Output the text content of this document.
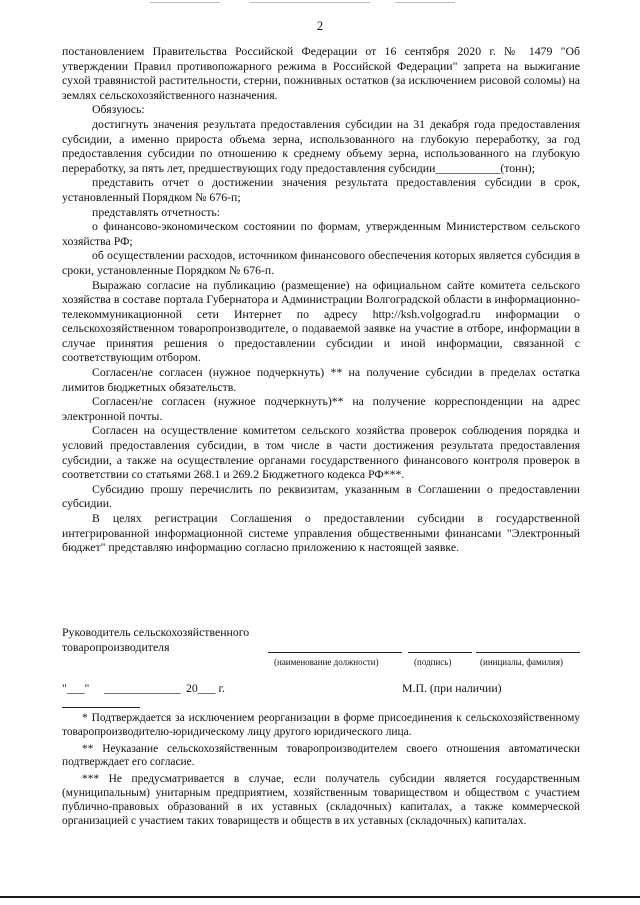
2

постановлением Правительства Российской Федерации от 16 сентября 2020 г. № 1479 "Об утверждении Правил противопожарного режима в Российской Федерации" запрета на выжигание сухой травянистой растительности, стерни, пожнивных остатков (за исключением рисовой соломы) на землях сельскохозяйственного назначения.

Обязуюсь:

достигнуть значения результата предоставления субсидии на 31 декабря года предоставления субсидии, а именно прироста объема зерна, использованного на глубокую переработку, за год предоставления субсидии по отношению к среднему объему зерна, использованного на глубокую переработку, за пять лет, предшествующих году предоставления субсидии___________(тонн);

представить отчет о достижении значения результата предоставления субсидии в срок, установленный Порядком № 676-п;

представлять отчетность:

о финансово-экономическом состоянии по формам, утвержденным Министерством сельского хозяйства РФ;

об осуществлении расходов, источником финансового обеспечения которых является субсидия в сроки, установленные Порядком № 676-п.

Выражаю согласие на публикацию (размещение) на официальном сайте комитета сельского хозяйства в составе портала Губернатора и Администрации Волгоградской области в информационно-телекоммуникационной сети Интернет по адресу http://ksh.volgograd.ru информации о сельскохозяйственном товаропроизводителе, о подаваемой заявке на участие в отборе, информации в случае принятия решения о предоставлении субсидии и иной информации, связанной с соответствующим отбором.

Согласен/не согласен (нужное подчеркнуть) ** на получение субсидии в пределах остатка лимитов бюджетных обязательств.

Согласен/не согласен (нужное подчеркнуть)** на получение корреспонденции на адрес электронной почты.

Согласен на осуществление комитетом сельского хозяйства проверок соблюдения порядка и условий предоставления субсидии, в том числе в части достижения результата предоставления субсидии, а также на осуществление органами государственного финансового контроля проверок в соответствии со статьями 268.1 и 269.2 Бюджетного кодекса РФ***.

Субсидию прошу перечислить по реквизитам, указанным в Соглашении о предоставлении субсидии.

В целях регистрации Соглашения о предоставлении субсидии в государственной интегрированной информационной системе управления общественными финансами "Электронный бюджет" представляю информацию согласно приложению к настоящей заявке.

Руководитель сельскохозяйственного
товаропроизводителя
(наименование должности)	(подпись)	(инициалы, фамилия)
"___" _____________ 20___ г.	М.П. (при наличии)

* Подтверждается за исключением реорганизации в форме присоединения к сельскохозяйственному товаропроизводителю-юридическому лицу другого юридического лица.

** Неуказание сельскохозяйственным товаропроизводителем своего отношения автоматически подтверждает его согласие.

*** Не предусматривается в случае, если получатель субсидии является государственным (муниципальным) унитарным предприятием, хозяйственным товариществом и обществом с участием публично-правовых образований в их уставных (складочных) капиталах, а также коммерческой организацией с участием таких товариществ и обществ в их уставных (складочных) капиталах.
